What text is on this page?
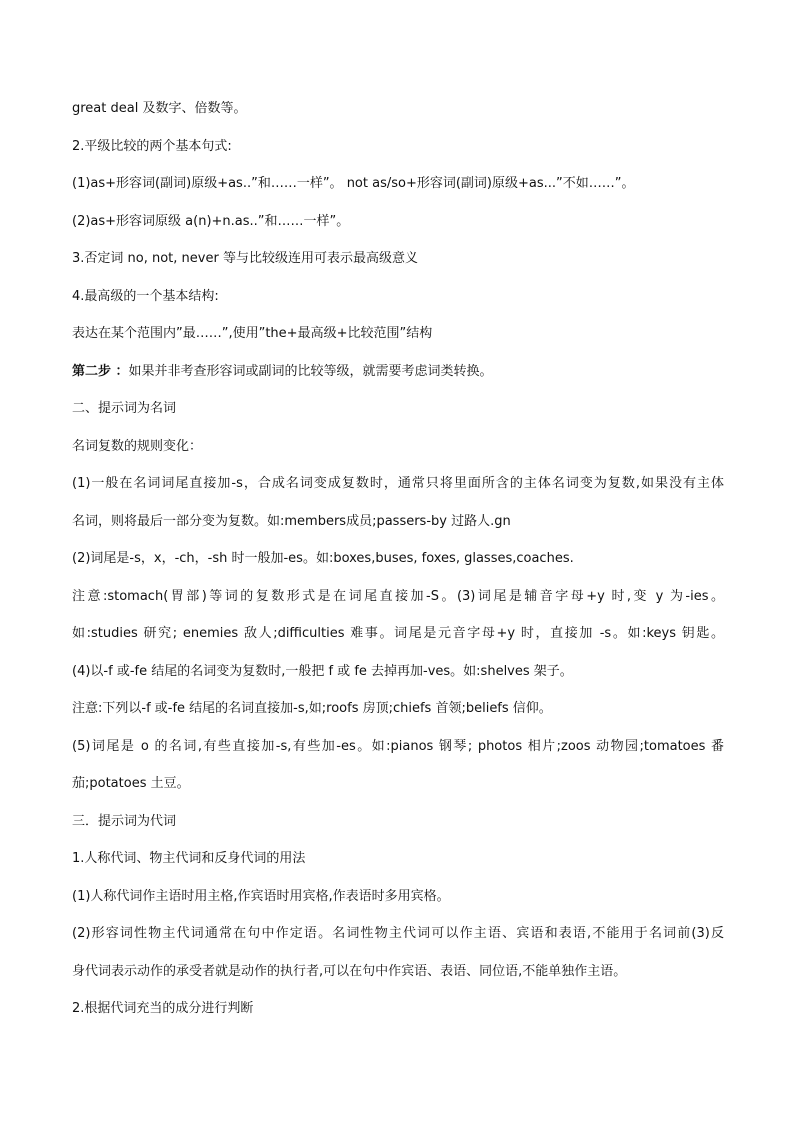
great deal 及数字、倍数等。
2.平级比较的两个基本句式:
(1)as+形容词(副词)原级+as..”和……一样”。 not as/so+形容词(副词)原级+as...”不如……”。
(2)as+形容词原级 a(n)+n.as..”和……一样”。
3.否定词 no, not, never 等与比较级连用可表示最高级意义
4.最高级的一个基本结构:
表达在某个范围内”最……”,使用”the+最高级+比较范围”结构
第二步 ：如果并非考查形容词或副词的比较等级，就需要考虑词类转换。
二、提示词为名词
名词复数的规则变化：
(1)一般在名词词尾直接加-s，合成名词变成复数时，通常只将里面所含的主体名词变为复数,如果没有主体
名词，则将最后一部分变为复数。如:members成员;passers-by 过路人.gn
(2)词尾是-s，x，-ch，-sh 时一般加-es。如:boxes,buses, foxes, glasses,coaches.
注意:stomach(胃部)等词的复数形式是在词尾直接加-S。(3)词尾是辅音字母+y 时,变 y 为-ies。
如:studies 研究; enemies 敌人;difficulties 难事。词尾是元音字母+y 时，直接加 -s。如:keys 钥匙。
(4)以-f 或-fe 结尾的名词变为复数时,一般把 f 或 fe 去掉再加-ves。如:shelves 架子。
注意:下列以-f 或-fe 结尾的名词直接加-s,如;roofs 房顶;chiefs 首领;beliefs 信仰。
(5)词尾是 o 的名词,有些直接加-s,有些加-es。如:pianos 钢琴; photos 相片;zoos 动物园;tomatoes 番
茄;potatoes 土豆。
三．提示词为代词
1.人称代词、物主代词和反身代词的用法
(1)人称代词作主语时用主格,作宾语时用宾格,作表语时多用宾格。
(2)形容词性物主代词通常在句中作定语。名词性物主代词可以作主语、宾语和表语,不能用于名词前(3)反
身代词表示动作的承受者就是动作的执行者,可以在句中作宾语、表语、同位语,不能单独作主语。
2.根据代词充当的成分进行判断
